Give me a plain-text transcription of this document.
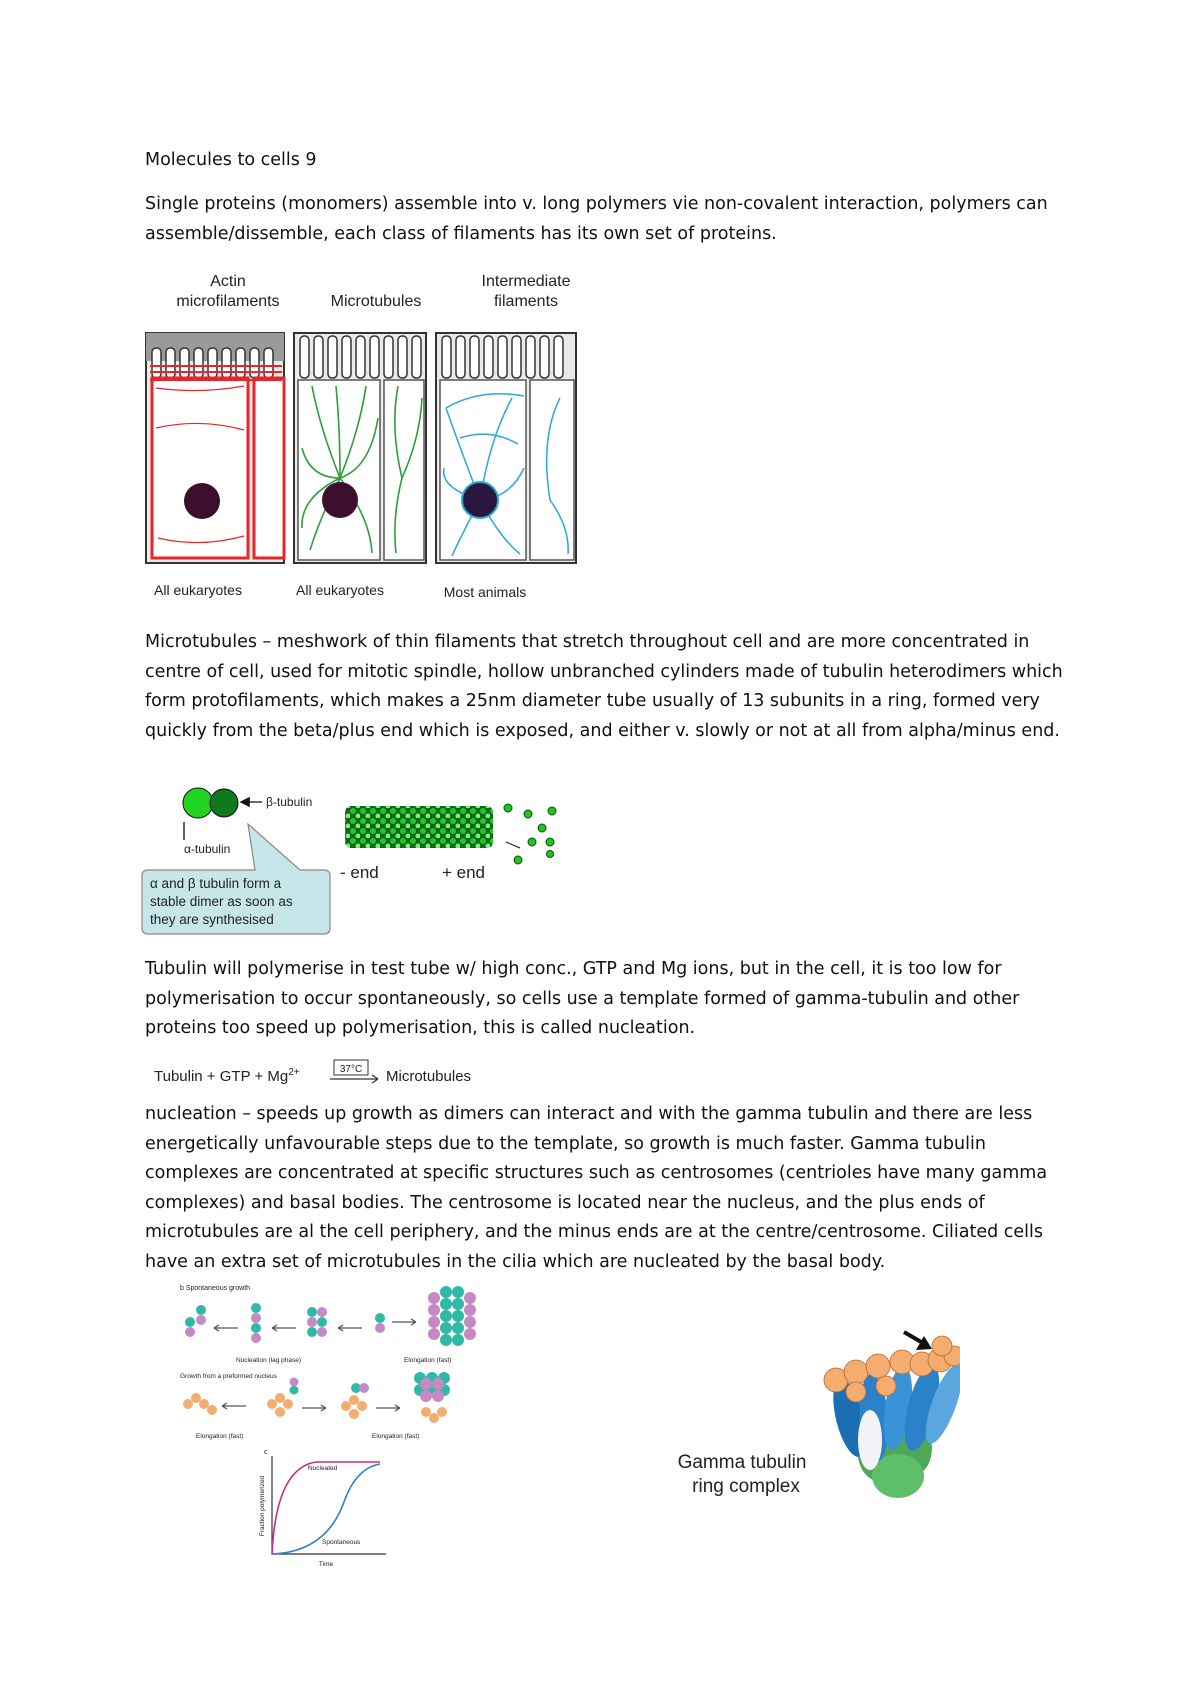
Molecules to cells 9

Single proteins (monomers) assemble into v. long polymers vie non-covalent interaction, polymers can assemble/dissemble, each class of filaments has its own set of proteins.

Actin
microfilaments	Microtubules
Intermediate
filaments
All eukaryotes	All eukaryotes	Most animals

Microtubules – meshwork of thin filaments that stretch throughout cell and are more concentrated in centre of cell, used for mitotic spindle, hollow unbranched cylinders made of tubulin heterodimers which form protofilaments, which makes a 25nm diameter tube usually of 13 subunits in a ring, formed very quickly from the beta/plus end which is exposed, and either v. slowly or not at all from alpha/minus end.

β-tubulin
α-tubulin
α and β tubulin form a
stable dimer as soon as
they are synthesised
- end	+ end

Tubulin will polymerise in test tube w/ high conc., GTP and Mg ions, but in the cell, it is too low for polymerisation to occur spontaneously, so cells use a template formed of gamma-tubulin and other proteins too speed up polymerisation, this is called nucleation.

Tubulin + GTP + $Mg^{2+}$	37°C Microtubules

nucleation – speeds up growth as dimers can interact and with the gamma tubulin and there are less energetically unfavourable steps due to the template, so growth is much faster. Gamma tubulin complexes are concentrated at specific structures such as centrosomes (centrioles have many gamma complexes) and basal bodies. The centrosome is located near the nucleus, and the plus ends of microtubules are al the cell periphery, and the minus ends are at the centre/centrosome. Ciliated cells have an extra set of microtubules in the cilia which are nucleated by the basal body.

b Spontaneous growth
Nucleation (lag phase)	Elongation (fast)
Growth from a preformed nucleus
Elongation (fast)	Elongation (fast)
c
Nucleated
Spontaneous
Time
Fraction polymerized
Gamma tubulin
ring complex
